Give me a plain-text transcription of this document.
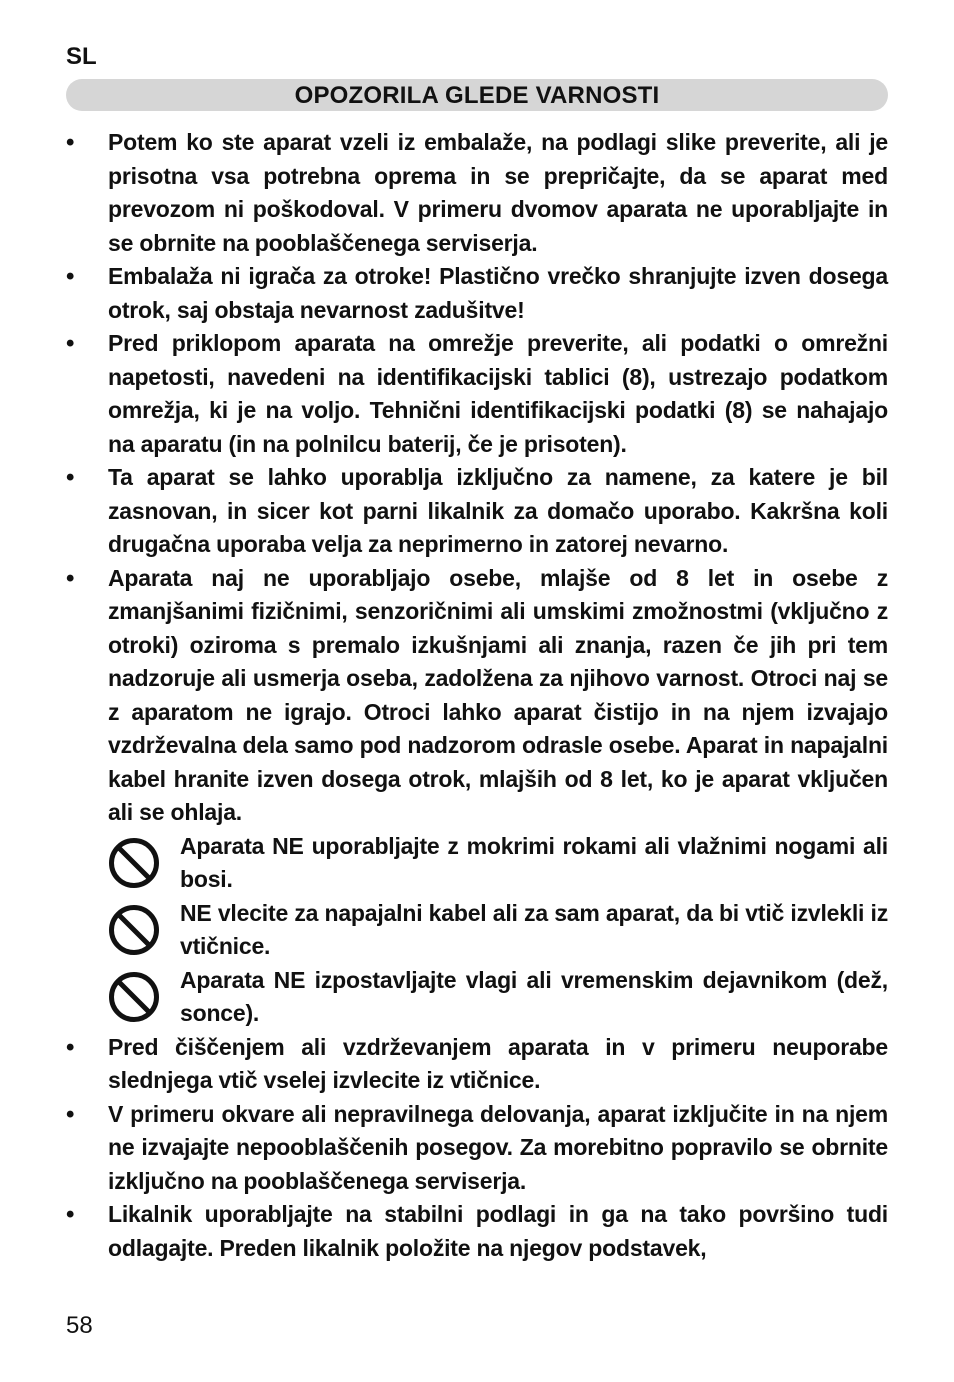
SL
OPOZORILA GLEDE VARNOSTI
•	Potem ko ste aparat vzeli iz embalaže, na podlagi slike preverite, ali je prisotna vsa potrebna oprema in se prepričajte, da se aparat med prevozom ni poškodoval. V primeru dvomov aparata ne uporabljajte in se obrnite na pooblaščenega serviserja.
•	Embalaža ni igrača za otroke! Plastično vrečko shranjujte izven dosega otrok, saj obstaja nevarnost zadušitve!
•	Pred priklopom aparata na omrežje preverite, ali podatki o omrežni napetosti, navedeni na identifikacijski tablici (8), ustrezajo podatkom omrežja, ki je na voljo. Tehnični identifikacijski podatki (8) se nahajajo na aparatu (in na polnilcu baterij, če je prisoten).
•	Ta aparat se lahko uporablja izključno za namene, za katere je bil zasnovan, in sicer kot parni likalnik za domačo uporabo. Kakršna koli drugačna uporaba velja za neprimerno in zatorej nevarno.
•	Aparata naj ne uporabljajo osebe, mlajše od 8 let in osebe z zmanjšanimi fizičnimi, senzoričnimi ali umskimi zmožnostmi (vključno z otroki) oziroma s premalo izkušnjami ali znanja, razen če jih pri tem nadzoruje ali usmerja oseba, zadolžena za njihovo varnost. Otroci naj se z aparatom ne igrajo. Otroci lahko aparat čistijo in na njem izvajajo vzdrževalna dela samo pod nadzorom odrasle osebe. Aparat in napajalni kabel hranite izven dosega otrok, mlajših od 8 let, ko je aparat vključen ali se ohlaja.
Aparata NE uporabljajte z mokrimi rokami ali vlažnimi nogami ali bosi.
NE vlecite za napajalni kabel ali za sam aparat, da bi vtič izvlekli iz vtičnice.
Aparata NE izpostavljajte vlagi ali vremenskim dejavnikom (dež, sonce).
•	Pred čiščenjem ali vzdrževanjem aparata in v primeru neuporabe slednjega vtič vselej izvlecite iz vtičnice.
•	V primeru okvare ali nepravilnega delovanja, aparat izključite in na njem ne izvajajte nepooblaščenih posegov. Za morebitno popravilo se obrnite izključno na pooblaščenega serviserja.
•	Likalnik uporabljajte na stabilni podlagi in ga na tako površino tudi odlagajte. Preden likalnik položite na njegov podstavek,
58
